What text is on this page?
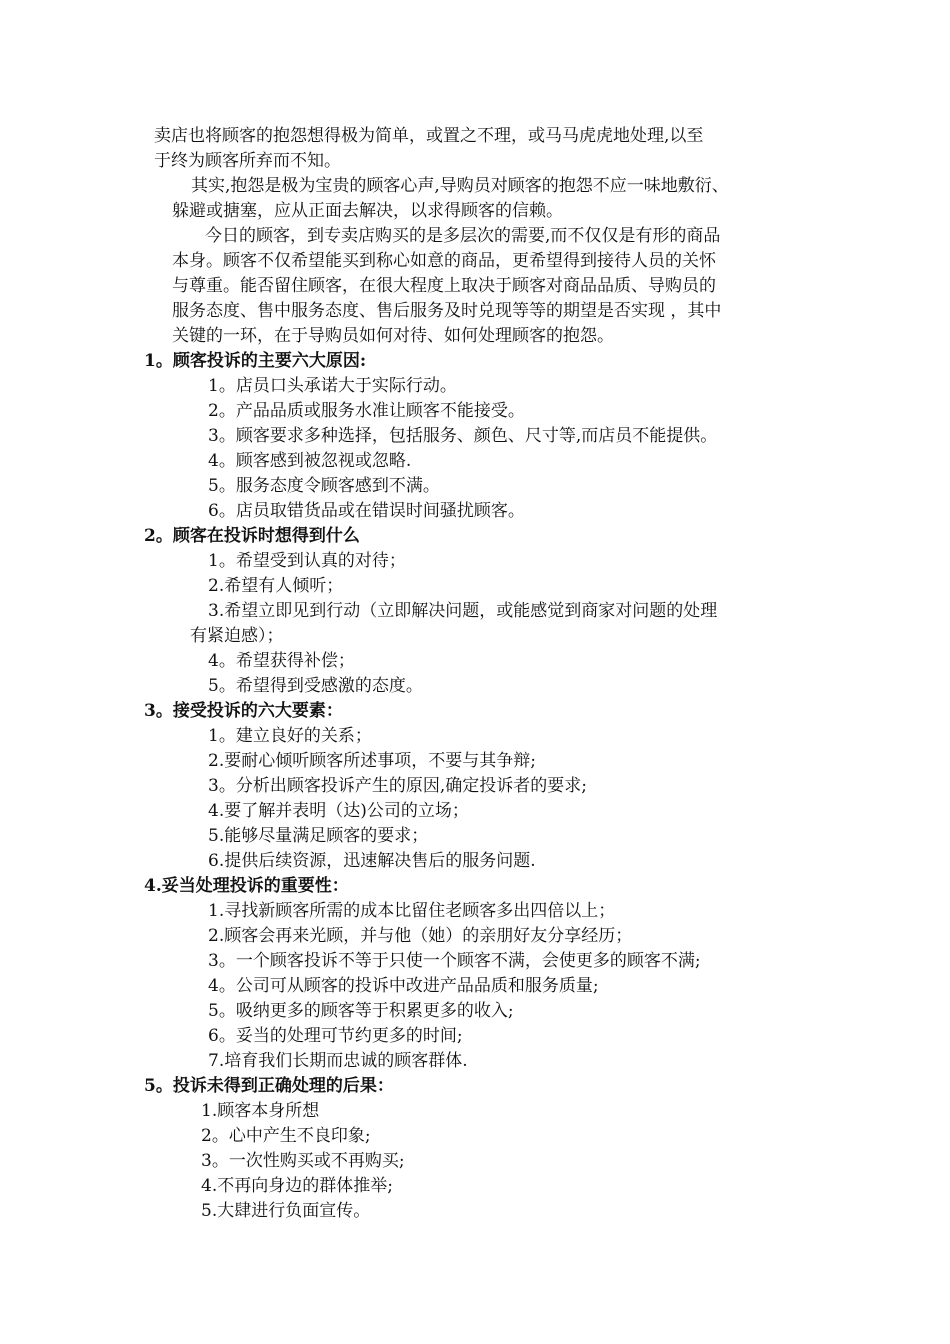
卖店也将顾客的抱怨想得极为简单，或置之不理，或马马虎虎地处理,以至
于终为顾客所弃而不知。
其实,抱怨是极为宝贵的顾客心声,导购员对顾客的抱怨不应一味地敷衍、
躲避或搪塞，应从正面去解决，以求得顾客的信赖。
今日的顾客，到专卖店购买的是多层次的需要,而不仅仅是有形的商品
本身。顾客不仅希望能买到称心如意的商品，更希望得到接待人员的关怀
与尊重。能否留住顾客，在很大程度上取决于顾客对商品品质、导购员的
服务态度、售中服务态度、售后服务及时兑现等等的期望是否实现 ，其中
关键的一环，在于导购员如何对待、如何处理顾客的抱怨。
1。顾客投诉的主要六大原因:
1。店员口头承诺大于实际行动。
2。产品品质或服务水准让顾客不能接受。
3。顾客要求多种选择，包括服务、颜色、尺寸等,而店员不能提供。
4。顾客感到被忽视或忽略.
5。服务态度令顾客感到不满。
6。店员取错货品或在错误时间骚扰顾客。
2。顾客在投诉时想得到什么
1。希望受到认真的对待；
2.希望有人倾听；
3.希望立即见到行动（立即解决问题，或能感觉到商家对问题的处理
有紧迫感）；
4。希望获得补偿；
5。希望得到受感激的态度。
3。接受投诉的六大要素：
1。建立良好的关系；
2.要耐心倾听顾客所述事项，不要与其争辩;
3。分析出顾客投诉产生的原因,确定投诉者的要求;
4.要了解并表明（达)公司的立场；
5.能够尽量满足顾客的要求；
6.提供后续资源，迅速解决售后的服务问题.
4.妥当处理投诉的重要性：
1.寻找新顾客所需的成本比留住老顾客多出四倍以上；
2.顾客会再来光顾，并与他（她）的亲朋好友分享经历；
3。一个顾客投诉不等于只使一个顾客不满，会使更多的顾客不满;
4。公司可从顾客的投诉中改进产品品质和服务质量;
5。吸纳更多的顾客等于积累更多的收入;
6。妥当的处理可节约更多的时间;
7.培育我们长期而忠诚的顾客群体.
5。投诉未得到正确处理的后果：
1.顾客本身所想
2。心中产生不良印象;
3。一次性购买或不再购买;
4.不再向身边的群体推举;
5.大肆进行负面宣传。
